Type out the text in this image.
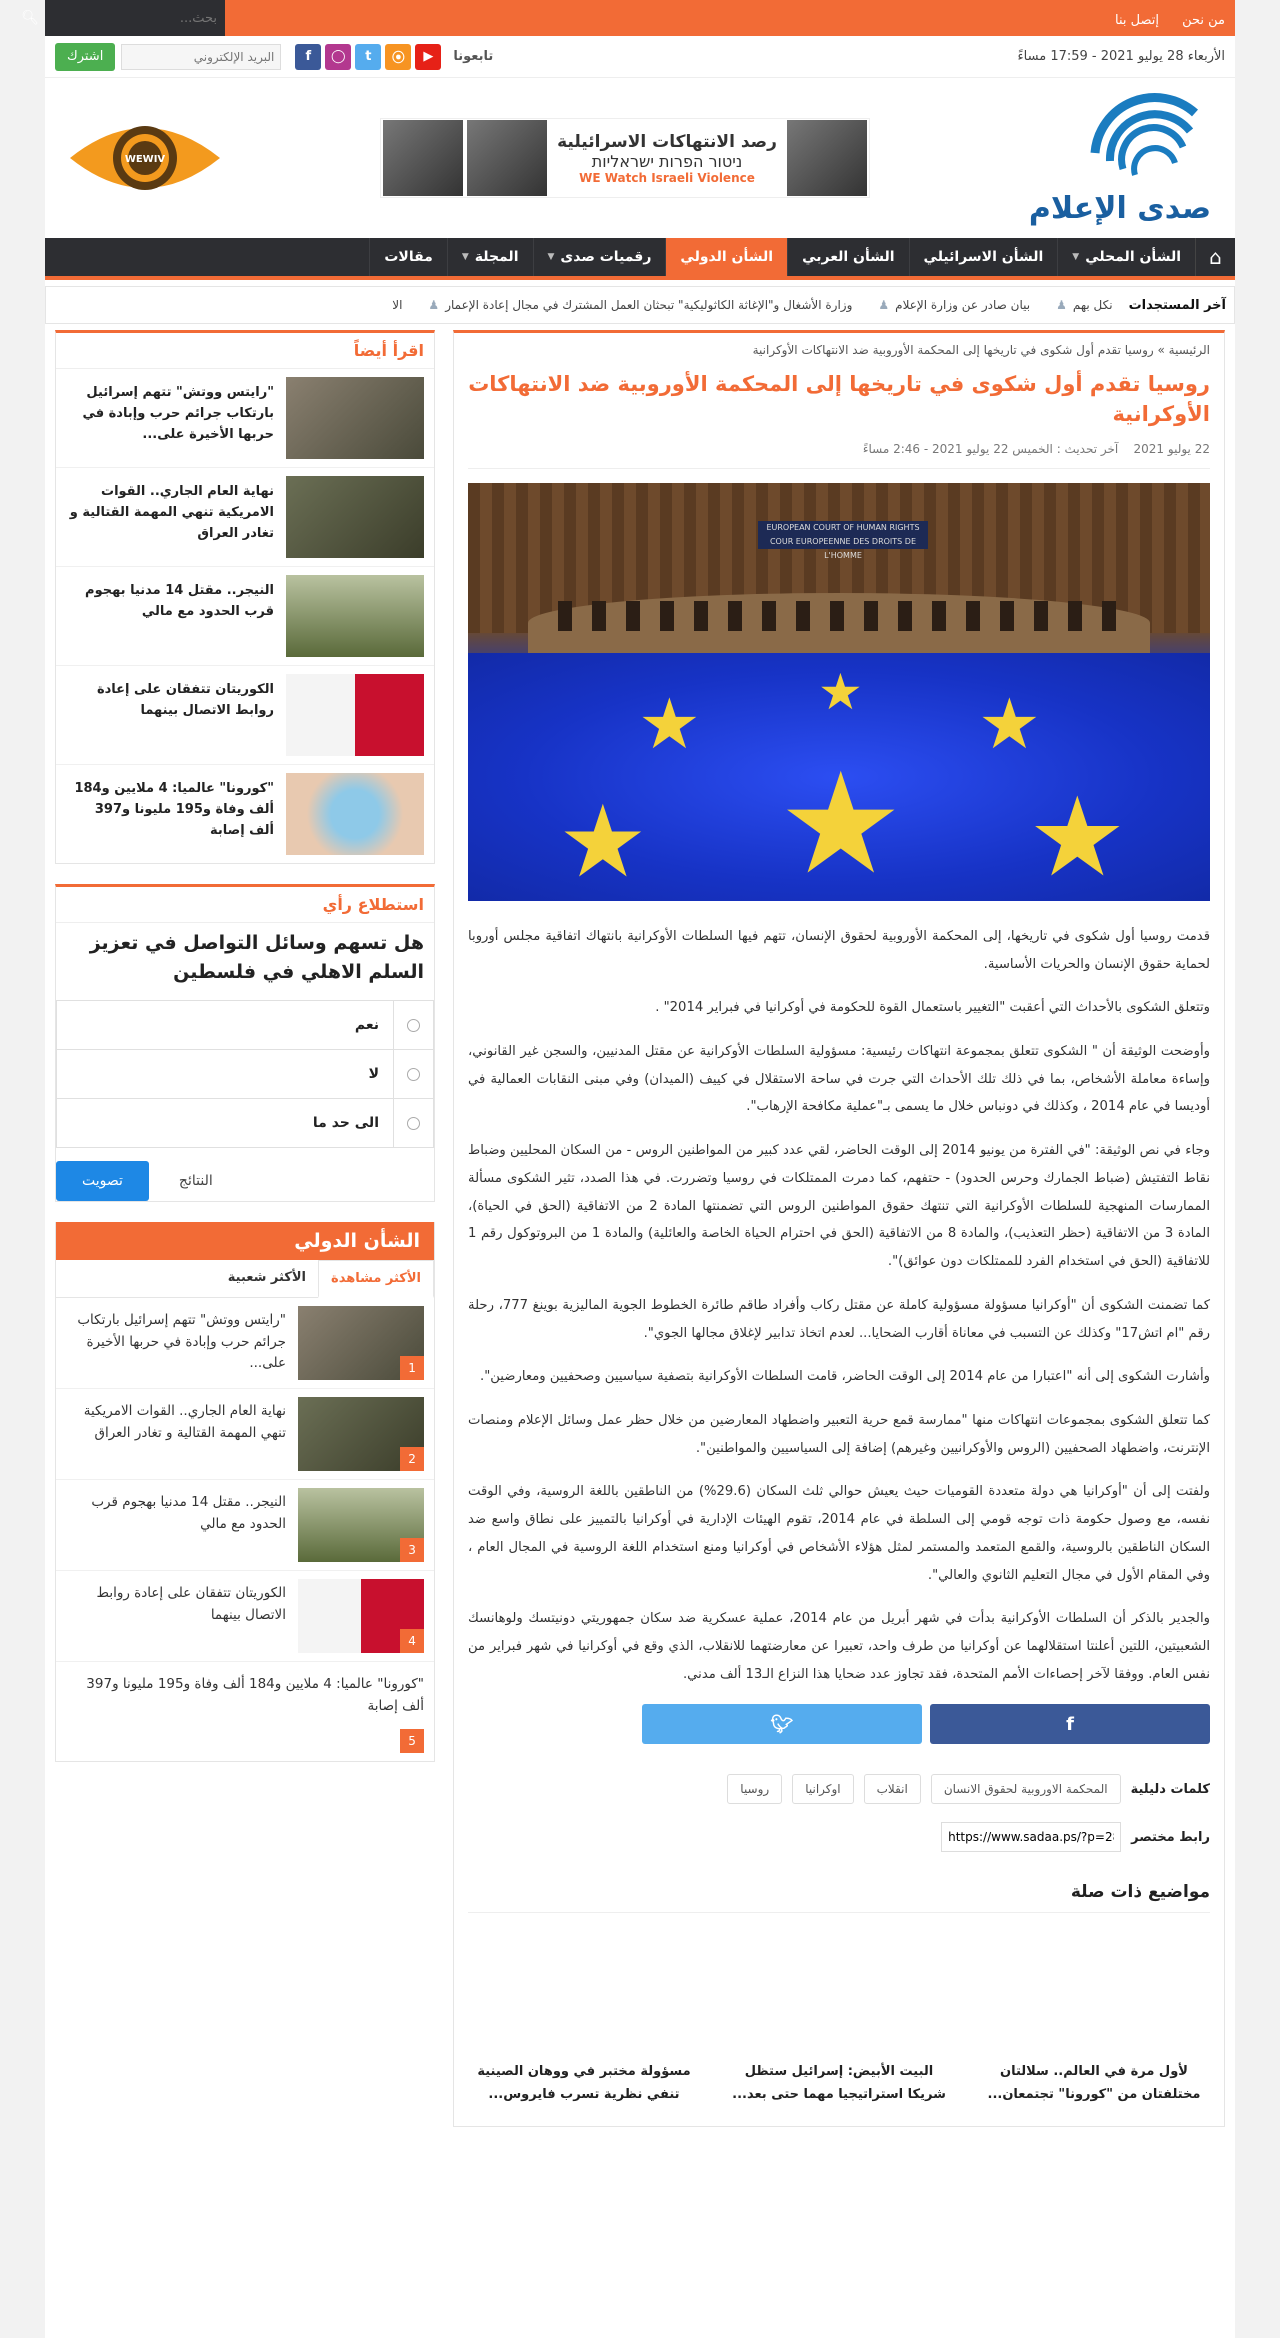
من نحن إتصل بنا
بحث...
🔍︎
الأربعاء 28 يوليو 2021 - 17:59 مساءً
تابعونا
▶
⦿
t
◯
f
البريد الإلكتروني
اشترك
صدى الإعلام
رصد الانتهاكات الاسرائيلية
ניטור הפרות ישראליות
WE Watch Israeli Violence
WEWIV
⌂
الشأن المحلي
▼
الشأن الاسرائيلي
الشأن العربي
الشأن الدولي
رقميات صدى
▼
المجلة
▼
مقالات
آخر المستجدات
نكل بهم
♟
بيان صادر عن وزارة الإعلام
♟
وزارة الأشغال و"الإغاثة الكاثوليكية" تبحثان العمل المشترك في مجال إعادة الإعمار
♟
الا
الرئيسية » روسيا تقدم أول شكوى في تاريخها إلى المحكمة الأوروبية ضد الانتهاكات الأوكرانية
روسيا تقدم أول شكوى في تاريخها إلى المحكمة الأوروبية ضد الانتهاكات الأوكرانية
22 يوليو 2021    آخر تحديث : الخميس 22 يوليو 2021 - 2:46 مساءً
EUROPEAN COURT OF HUMAN RIGHTS COUR EUROPEENNE DES DROITS DE L'HOMME
★
★	★
★	★
★

قدمت روسيا أول شكوى في تاريخها، إلى المحكمة الأوروبية لحقوق الإنسان، تتهم فيها السلطات الأوكرانية بانتهاك اتفاقية مجلس أوروبا لحماية حقوق الإنسان والحريات الأساسية.

وتتعلق الشكوى بالأحداث التي أعقبت "التغيير باستعمال القوة للحكومة في أوكرانيا في فبراير 2014" .

وأوضحت الوثيقة أن " الشكوى تتعلق بمجموعة انتهاكات رئيسية: مسؤولية السلطات الأوكرانية عن مقتل المدنيين، والسجن غير القانوني، وإساءة معاملة الأشخاص، بما في ذلك تلك الأحداث التي جرت في ساحة الاستقلال في كييف (الميدان) وفي مبنى النقابات العمالية في أوديسا في عام 2014 ، وكذلك في دونباس خلال ما يسمى بـ"عملية مكافحة الإرهاب".

وجاء في نص الوثيقة: "في الفترة من يونيو 2014 إلى الوقت الحاضر، لقي عدد كبير من المواطنين الروس - من السكان المحليين وضباط نقاط التفتيش (ضباط الجمارك وحرس الحدود) - حتفهم، كما دمرت الممتلكات في روسيا وتضررت. في هذا الصدد، تثير الشكوى مسألة الممارسات المنهجية للسلطات الأوكرانية التي تنتهك حقوق المواطنين الروس التي تضمنتها المادة 2 من الاتفاقية (الحق في الحياة)، المادة 3 من الاتفاقية (حظر التعذيب)، والمادة 8 من الاتفاقية (الحق في احترام الحياة الخاصة والعائلية) والمادة 1 من البروتوكول رقم 1 للاتفاقية (الحق في استخدام الفرد للممتلكات دون عوائق)".

كما تضمنت الشكوى أن "أوكرانيا مسؤولة مسؤولية كاملة عن مقتل ركاب وأفراد طاقم طائرة الخطوط الجوية الماليزية بوينغ 777، رحلة رقم "ام اتش17" وكذلك عن التسبب في معاناة أقارب الضحايا... لعدم اتخاذ تدابير لإغلاق مجالها الجوي".

وأشارت الشكوى إلى أنه "اعتبارا من عام 2014 إلى الوقت الحاضر، قامت السلطات الأوكرانية بتصفية سياسيين وصحفيين ومعارضين".

كما تتعلق الشكوى بمجموعات انتهاكات منها "ممارسة قمع حرية التعبير واضطهاد المعارضين من خلال حظر عمل وسائل الإعلام ومنصات الإنترنت، واضطهاد الصحفيين (الروس والأوكرانيين وغيرهم) إضافة إلى السياسيين والمواطنين".

ولفتت إلى أن "أوكرانيا هي دولة متعددة القوميات حيث يعيش حوالي ثلث السكان (29.6%) من الناطقين باللغة الروسية، وفي الوقت نفسه، مع وصول حكومة ذات توجه قومي إلى السلطة في عام 2014، تقوم الهيئات الإدارية في أوكرانيا بالتمييز على نطاق واسع ضد السكان الناطقين بالروسية، والقمع المتعمد والمستمر لمثل هؤلاء الأشخاص في أوكرانيا ومنع استخدام اللغة الروسية في المجال العام ، وفي المقام الأول في مجال التعليم الثانوي والعالي".

والجدير بالذكر أن السلطات الأوكرانية بدأت في شهر أبريل من عام 2014، عملية عسكرية ضد سكان جمهوريتي دونيتسك ولوهانسك الشعبيتين، اللتين أعلنتا استقلالهما عن أوكرانيا من طرف واحد، تعبيرا عن معارضتهما للانقلاب، الذي وقع في أوكرانيا في شهر فبراير من نفس العام. ووفقا لآخر إحصاءات الأمم المتحدة، فقد تجاوز عدد ضحايا هذا النزاع الـ13 ألف مدني.

f
🐦︎
كلمات دليلية
المحكمة الاوروبية لحقوق الانسان
انقلاب
اوكرانيا
روسيا
رابط مختصر
https://www.sadaa.ps/?p=282470
مواضيع ذات صلة
لأول مرة في العالم.. سلالتان مختلفتان من "كورونا" تجتمعان...
البيت الأبيض: إسرائيل ستظل شريكا استراتيجيا مهما حتى بعد...
مسؤولة مختبر في ووهان الصينية تنفي نظرية تسرب فايروس...
اقرأ أيضاً
"رايتس ووتش" تتهم إسرائيل بارتكاب جرائم حرب وإبادة في حربها الأخيرة على...
نهاية العام الجاري.. القوات الامريكية تنهي المهمة القتالية و تغادر العراق
النيجر.. مقتل 14 مدنيا بهجوم قرب الحدود مع مالي
الكوريتان تتفقان على إعادة روابط الاتصال بينهما
"كورونا" عالميا: 4 ملايين و184 ألف وفاة و195 مليونا و397 ألف إصابة
استطلاع رأي
هل تسهم وسائل التواصل في تعزيز السلم الاهلي في فلسطين
نعم
لا
الى حد ما
تصويت	النتائج
الشأن الدولي
الأكثر مشاهدة
الأكثر شعبية
1
"رايتس ووتش" تتهم إسرائيل بارتكاب جرائم حرب وإبادة في حربها الأخيرة على...
2
نهاية العام الجاري.. القوات الامريكية تنهي المهمة القتالية و تغادر العراق
3
النيجر.. مقتل 14 مدنيا بهجوم قرب الحدود مع مالي
4
الكوريتان تتفقان على إعادة روابط الاتصال بينهما
"كورونا" عالميا: 4 ملايين و184 ألف وفاة و195 مليونا و397 ألف إصابة
5
